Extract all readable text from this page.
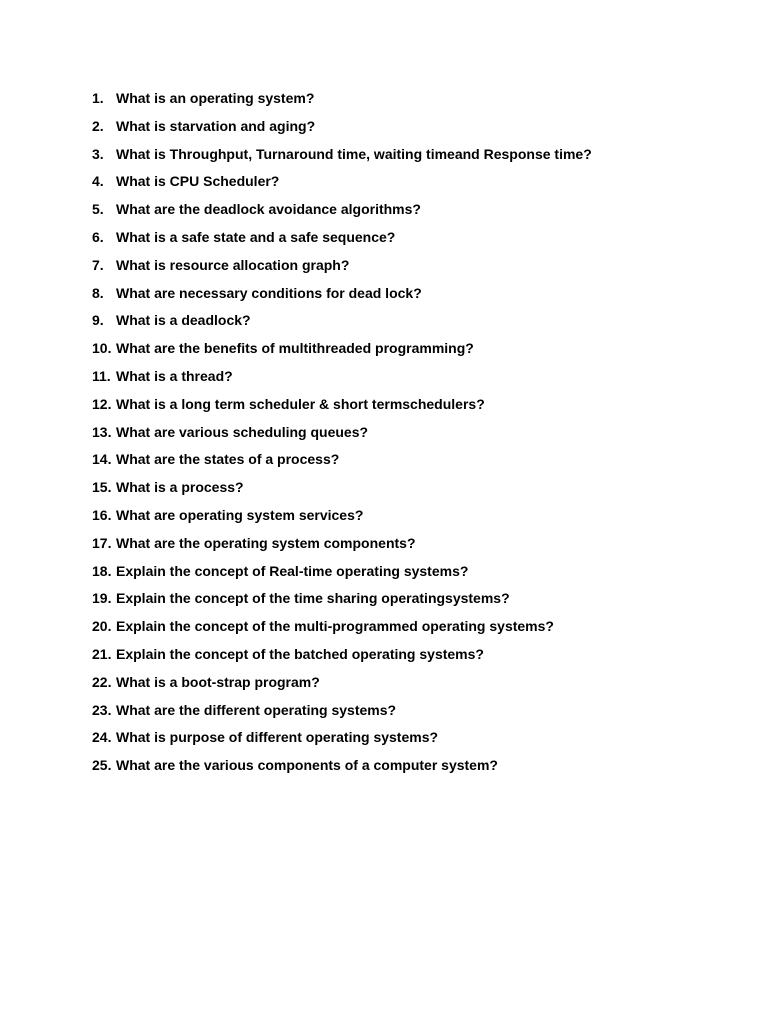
1. What is an operating system?
2. What is starvation and aging?
3. What is Throughput, Turnaround time, waiting timeand Response time?
4. What is CPU Scheduler?
5. What are the deadlock avoidance algorithms?
6. What is a safe state and a safe sequence?
7. What is resource allocation graph?
8. What are necessary conditions for dead lock?
9. What is a deadlock?
10. What are the benefits of multithreaded programming?
11. What is a thread?
12. What is a long term scheduler & short termschedulers?
13. What are various scheduling queues?
14. What are the states of a process?
15. What is a process?
16. What are operating system services?
17. What are the operating system components?
18. Explain the concept of Real-time operating systems?
19. Explain the concept of the time sharing operatingsystems?
20. Explain the concept of the multi-programmed operating systems?
21. Explain the concept of the batched operating systems?
22. What is a boot-strap program?
23. What are the different operating systems?
24. What is purpose of different operating systems?
25. What are the various components of a computer system?
